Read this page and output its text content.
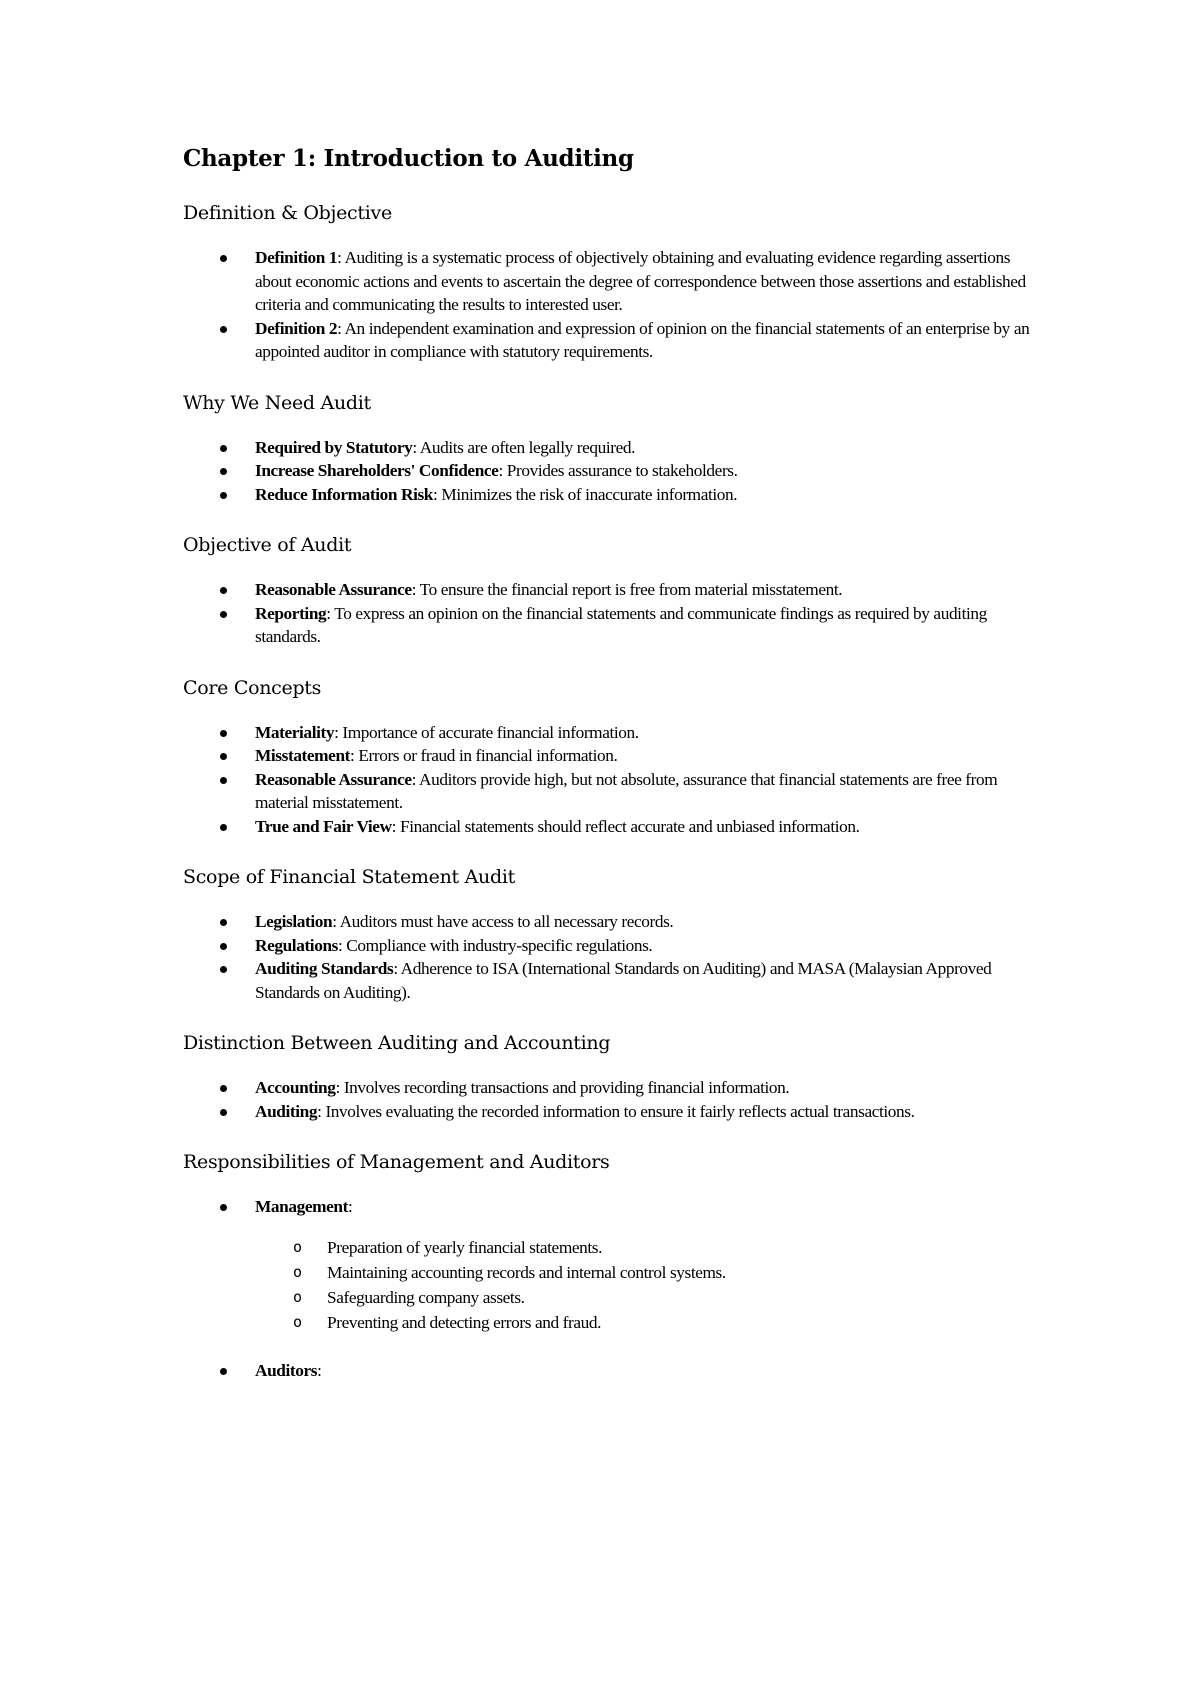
Chapter 1: Introduction to Auditing
Definition & Objective
Definition 1: Auditing is a systematic process of objectively obtaining and evaluating evidence regarding assertions about economic actions and events to ascertain the degree of correspondence between those assertions and established criteria and communicating the results to interested user.
Definition 2: An independent examination and expression of opinion on the financial statements of an enterprise by an appointed auditor in compliance with statutory requirements.
Why We Need Audit
Required by Statutory: Audits are often legally required.
Increase Shareholders' Confidence: Provides assurance to stakeholders.
Reduce Information Risk: Minimizes the risk of inaccurate information.
Objective of Audit
Reasonable Assurance: To ensure the financial report is free from material misstatement.
Reporting: To express an opinion on the financial statements and communicate findings as required by auditing standards.
Core Concepts
Materiality: Importance of accurate financial information.
Misstatement: Errors or fraud in financial information.
Reasonable Assurance: Auditors provide high, but not absolute, assurance that financial statements are free from material misstatement.
True and Fair View: Financial statements should reflect accurate and unbiased information.
Scope of Financial Statement Audit
Legislation: Auditors must have access to all necessary records.
Regulations: Compliance with industry-specific regulations.
Auditing Standards: Adherence to ISA (International Standards on Auditing) and MASA (Malaysian Approved Standards on Auditing).
Distinction Between Auditing and Accounting
Accounting: Involves recording transactions and providing financial information.
Auditing: Involves evaluating the recorded information to ensure it fairly reflects actual transactions.
Responsibilities of Management and Auditors
Management:
o Preparation of yearly financial statements.
o Maintaining accounting records and internal control systems.
o Safeguarding company assets.
o Preventing and detecting errors and fraud.
Auditors:
